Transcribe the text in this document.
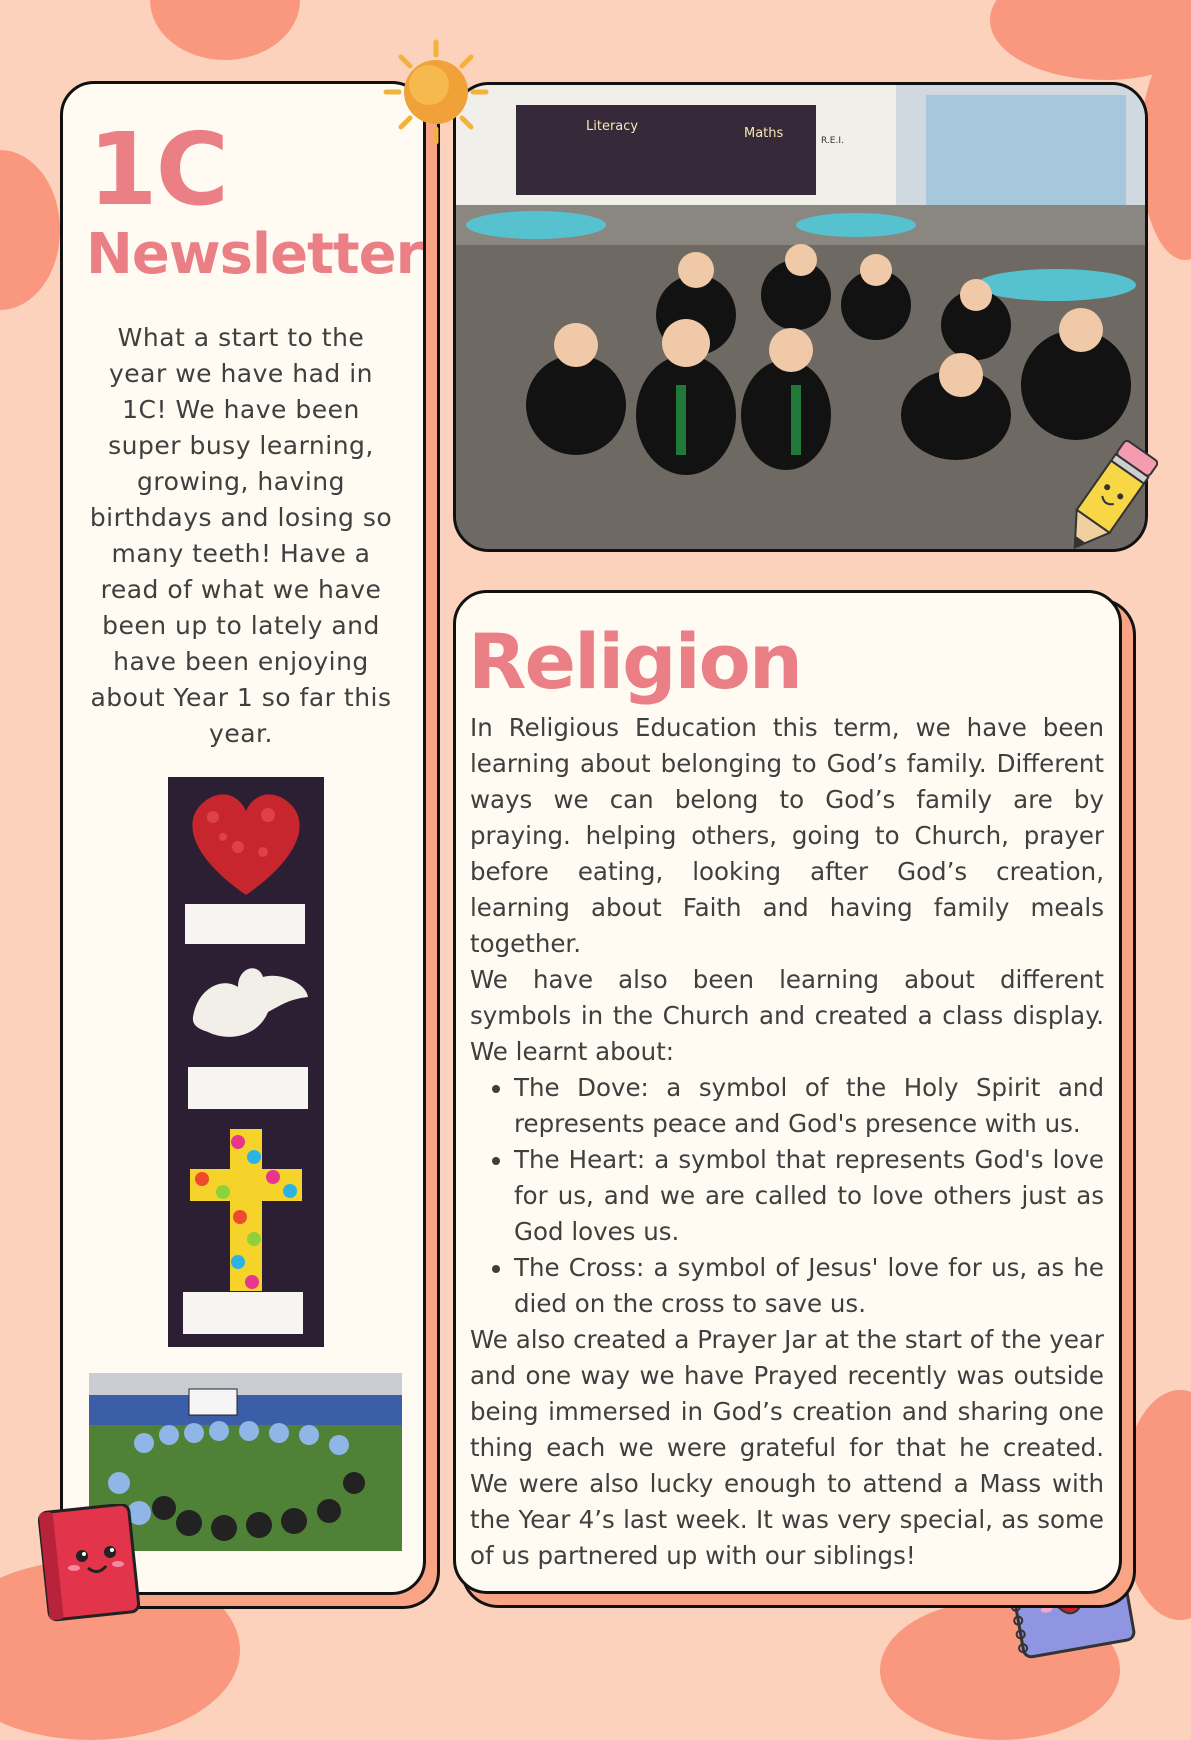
1C
Newsletter

What a start to the year we have had in 1C! We have been super busy learning, growing, having birthdays and losing so many teeth! Have a read of what we have been up to lately and have been enjoying about Year 1 so far this year.

Literacy	Maths	R.E.I.
Religion

In Religious Education this term, we have been learning about belonging to God’s family. Different ways we can belong to God’s family are by praying. helping others, going to Church, prayer before eating, looking after God’s creation, learning about Faith and having family meals together.

We have also been learning about different symbols in the Church and created a class display. We learnt about:

• The Dove: a symbol of the Holy Spirit and represents peace and God's presence with us.
• The Heart: a symbol that represents God's love for us, and we are called to love others just as God loves us.
• The Cross: a symbol of Jesus' love for us, as he died on the cross to save us.

We also created a Prayer Jar at the start of the year and one way we have Prayed recently was outside being immersed in God’s creation and sharing one thing each we were grateful for that he created. We were also lucky enough to attend a Mass with the Year 4’s last week. It was very special, as some of us partnered up with our siblings!
